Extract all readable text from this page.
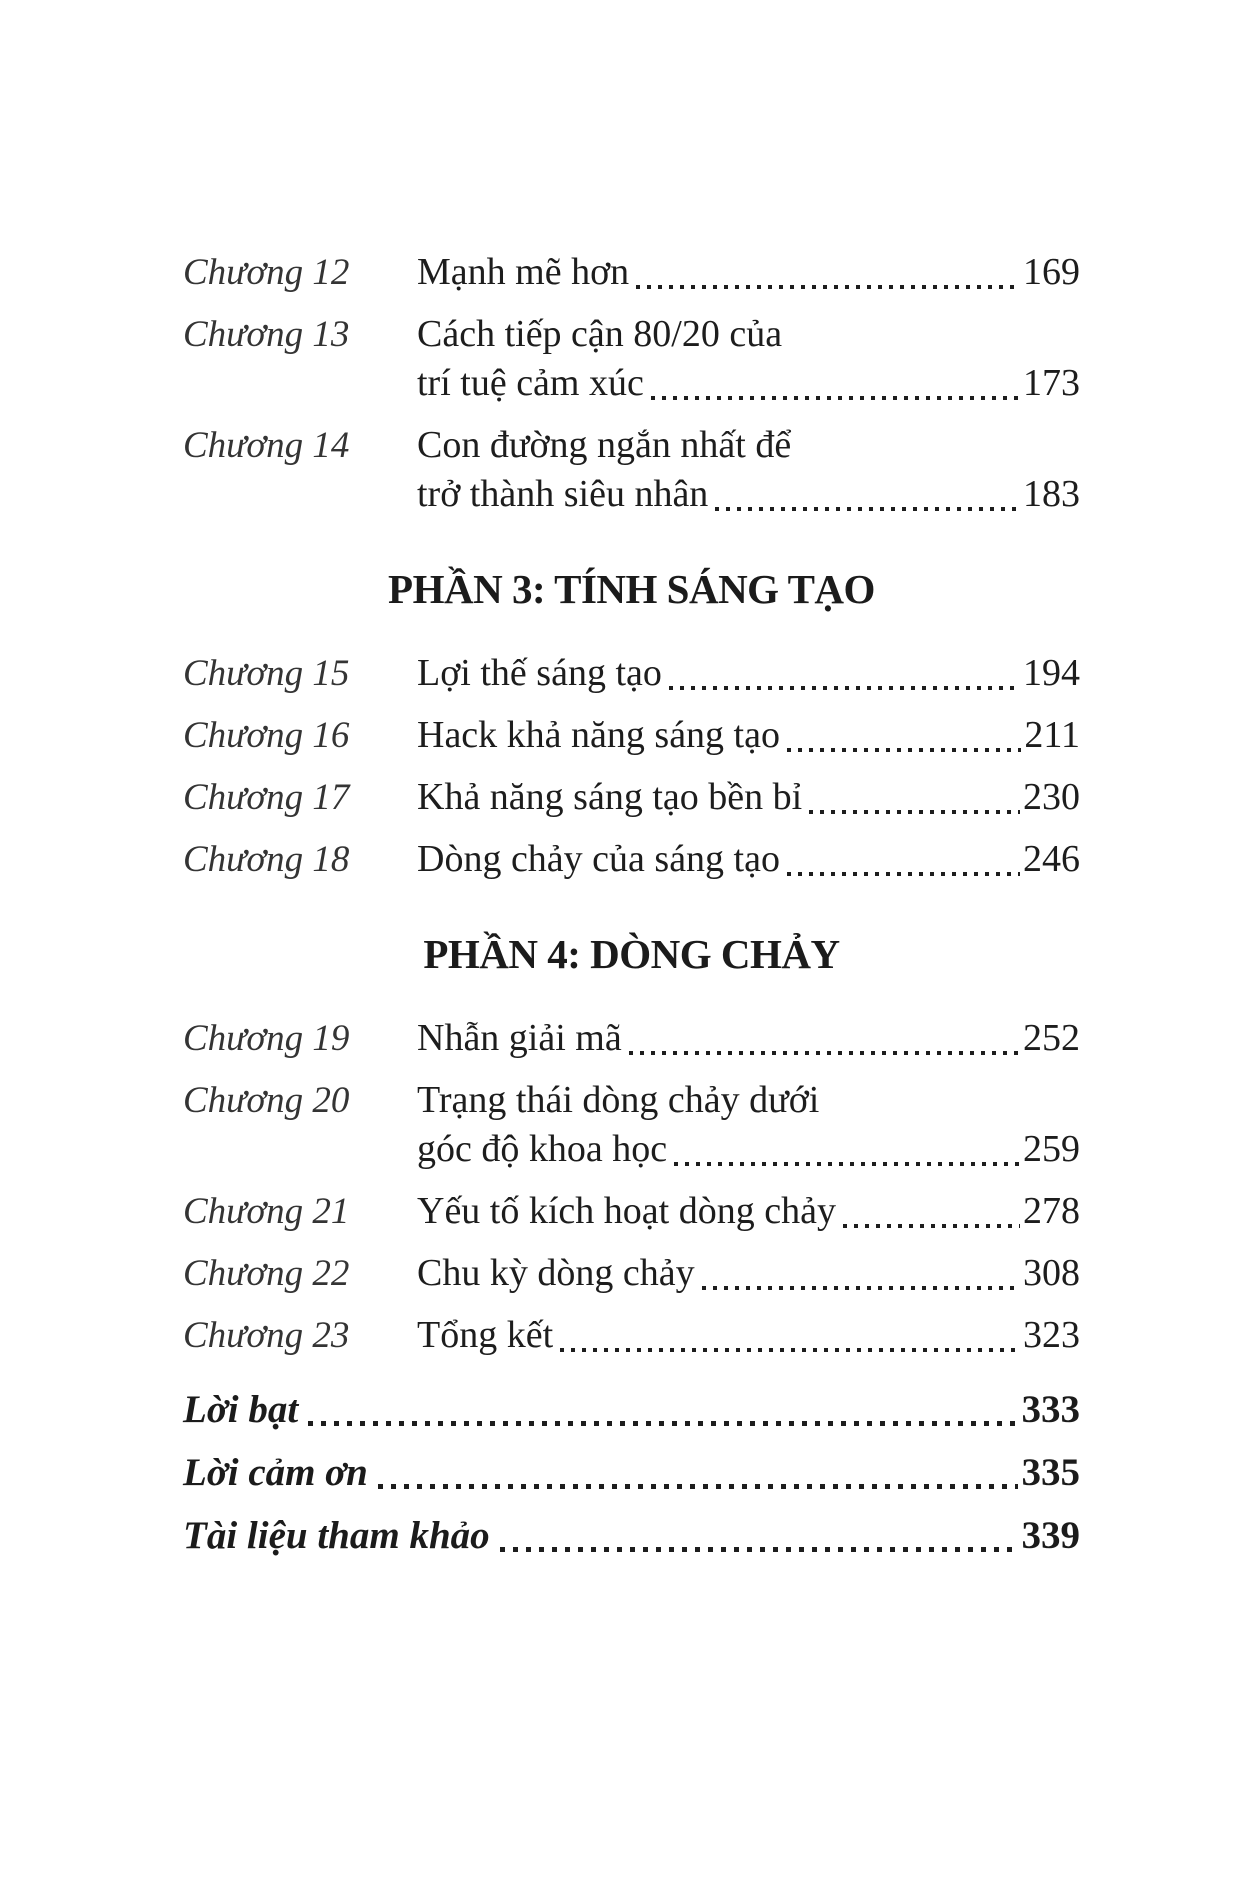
Chương 12	Mạnh mẽ hơn	169
Chương 13	Cách tiếp cận 80/20 của
trí tuệ cảm xúc	173
Chương 14	Con đường ngắn nhất để
trở thành siêu nhân	183
PHẦN 3: TÍNH SÁNG TẠO
Chương 15	Lợi thế sáng tạo	194
Chương 16	Hack khả năng sáng tạo	211
Chương 17	Khả năng sáng tạo bền bỉ	230
Chương 18	Dòng chảy của sáng tạo	246
PHẦN 4: DÒNG CHẢY
Chương 19	Nhẫn giải mã	252
Chương 20	Trạng thái dòng chảy dưới
góc độ khoa học	259
Chương 21	Yếu tố kích hoạt dòng chảy	278
Chương 22	Chu kỳ dòng chảy	308
Chương 23	Tổng kết	323
Lời bạt	333
Lời cảm ơn	335
Tài liệu tham khảo	339
